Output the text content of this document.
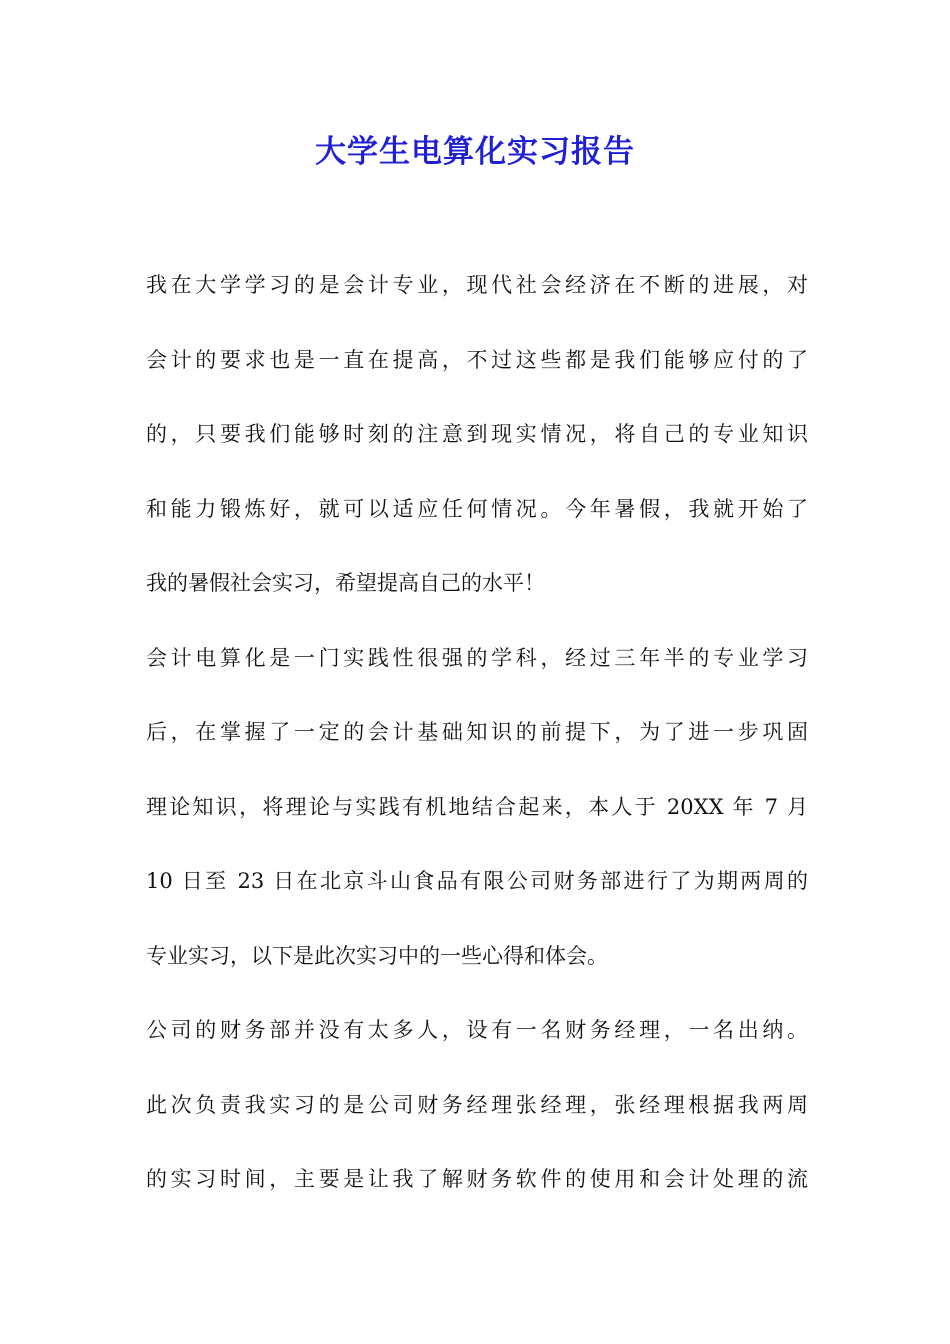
大学生电算化实习报告
我在大学学习的是会计专业，现代社会经济在不断的进展，对
会计的要求也是一直在提高，不过这些都是我们能够应付的了
的，只要我们能够时刻的注意到现实情况，将自己的专业知识
和能力锻炼好，就可以适应任何情况。今年暑假，我就开始了
我的暑假社会实习，希望提高自己的水平！
会计电算化是一门实践性很强的学科，经过三年半的专业学习
后，在掌握了一定的会计基础知识的前提下，为了进一步巩固
理论知识，将理论与实践有机地结合起来，本人于 20XX 年 7 月
10 日至 23 日在北京斗山食品有限公司财务部进行了为期两周的
专业实习，以下是此次实习中的一些心得和体会。
公司的财务部并没有太多人，设有一名财务经理，一名出纳。
此次负责我实习的是公司财务经理张经理，张经理根据我两周
的实习时间，主要是让我了解财务软件的使用和会计处理的流
